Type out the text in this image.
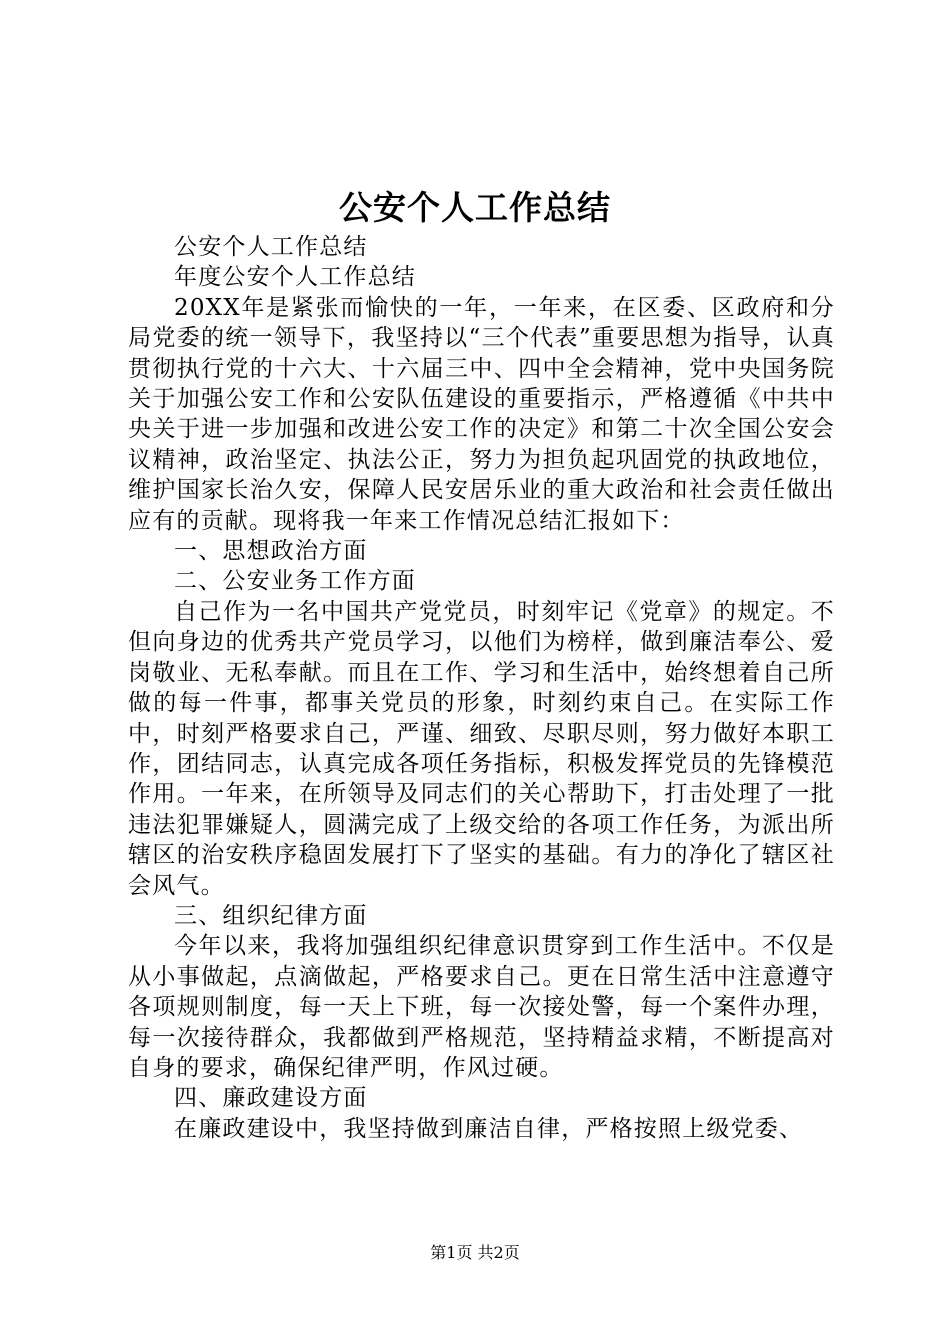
公安个人工作总结

公安个人工作总结

年度公安个人工作总结

20XX年是紧张而愉快的一年，一年来，在区委、区政府和分局党委的统一领导下，我坚持以“三个代表”重要思想为指导，认真贯彻执行党的十六大、十六届三中、四中全会精神，党中央国务院关于加强公安工作和公安队伍建设的重要指示，严格遵循《中共中央关于进一步加强和改进公安工作的决定》和第二十次全国公安会议精神，政治坚定、执法公正，努力为担负起巩固党的执政地位，维护国家长治久安，保障人民安居乐业的重大政治和社会责任做出应有的贡献。现将我一年来工作情况总结汇报如下：

一、思想政治方面

二、公安业务工作方面

自己作为一名中国共产党党员，时刻牢记《党章》的规定。不但向身边的优秀共产党员学习，以他们为榜样，做到廉洁奉公、爱岗敬业、无私奉献。而且在工作、学习和生活中，始终想着自己所做的每一件事，都事关党员的形象，时刻约束自己。在实际工作中，时刻严格要求自己，严谨、细致、尽职尽则，努力做好本职工作，团结同志，认真完成各项任务指标，积极发挥党员的先锋模范作用。一年来，在所领导及同志们的关心帮助下，打击处理了一批违法犯罪嫌疑人，圆满完成了上级交给的各项工作任务，为派出所辖区的治安秩序稳固发展打下了坚实的基础。有力的净化了辖区社会风气。

三、组织纪律方面

今年以来，我将加强组织纪律意识贯穿到工作生活中。不仅是从小事做起，点滴做起，严格要求自己。更在日常生活中注意遵守各项规则制度，每一天上下班，每一次接处警，每一个案件办理，每一次接待群众，我都做到严格规范，坚持精益求精，不断提高对自身的要求，确保纪律严明，作风过硬。

四、廉政建设方面

在廉政建设中，我坚持做到廉洁自律，严格按照上级党委、

第1页 共2页
